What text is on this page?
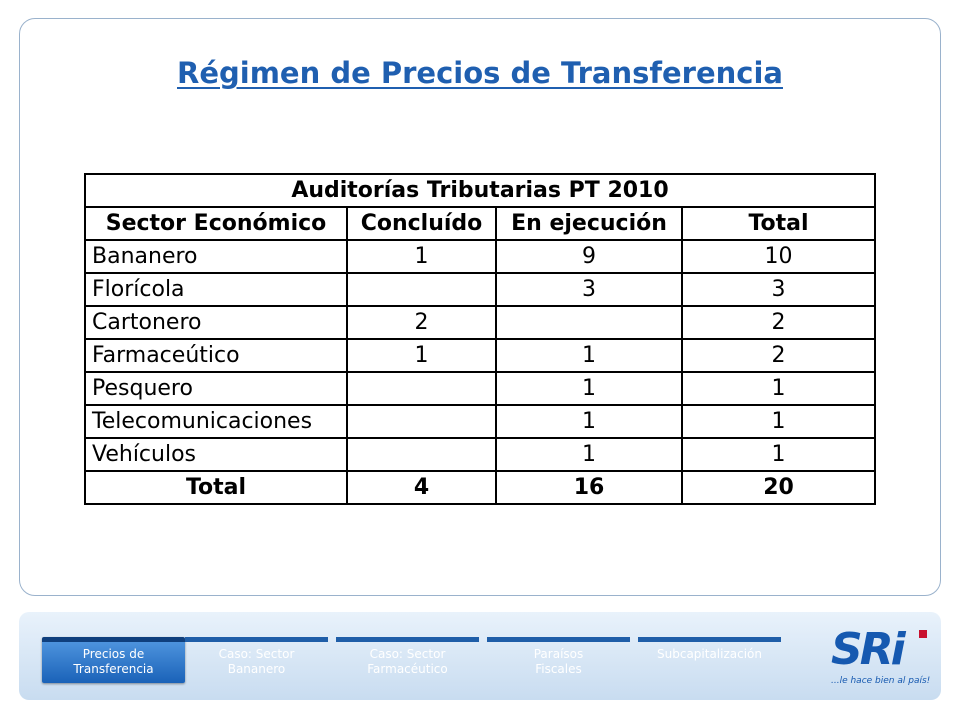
Régimen de Precios de Transferencia
Auditorías Tributarias PT 2010			
Sector Económico	Concluído	En ejecución	Total
Bananero	1	9	10
Florícola		3	3
Cartonero	2		2
Farmaceútico	1	1	2
Pesquero		1	1
Telecomunicaciones		1	1
Vehículos		1	1
Total	4	16	20
Precios de
Transferencia
Caso: Sector
Bananero
Caso: Sector
Farmacéutico
Paraísos
Fiscales
Subcapitalización	SRi
...le hace bien al país!
